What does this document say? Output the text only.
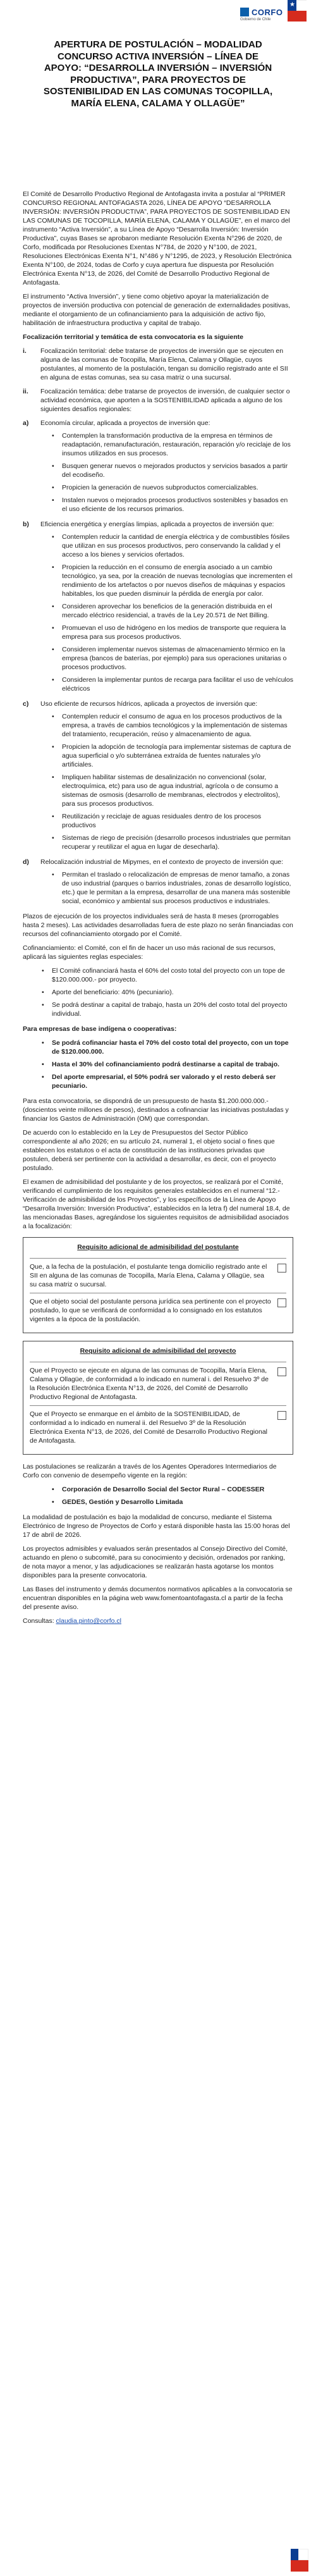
CORFO
Gobierno de Chile
★
APERTURA DE POSTULACIÓN – MODALIDAD CONCURSO ACTIVA INVERSIÓN – LÍNEA DE APOYO: “DESARROLLA INVERSIÓN – INVERSIÓN PRODUCTIVA”, PARA PROYECTOS DE SOSTENIBILIDAD EN LAS COMUNAS TOCOPILLA, MARÍA ELENA, CALAMA Y OLLAGÜE”

El Comité de Desarrollo Productivo Regional de Antofagasta invita a postular al “PRIMER CONCURSO REGIONAL ANTOFAGASTA 2026, LÍNEA DE APOYO “DESARROLLA INVERSIÓN: INVERSIÓN PRODUCTIVA”, PARA PROYECTOS DE SOSTENIBILIDAD EN LAS COMUNAS DE TOCOPILLA, MARÍA ELENA, CALAMA Y OLLAGÜE”, en el marco del instrumento “Activa Inversión”, a su Línea de Apoyo “Desarrolla Inversión: Inversión Productiva”, cuyas Bases se aprobaron mediante Resolución Exenta N°296 de 2020, de Corfo, modificada por Resoluciones Exentas N°784, de 2020 y N°100, de 2021, Resoluciones Electrónicas Exenta N°1, N°486 y N°1295, de 2023, y Resolución Electrónica Exenta N°100, de 2024, todas de Corfo y cuya apertura fue dispuesta por Resolución Electrónica Exenta N°13, de 2026, del Comité de Desarrollo Productivo Regional de Antofagasta.

El instrumento “Activa Inversión”, y tiene como objetivo apoyar la materialización de proyectos de inversión productiva con potencial de generación de externalidades positivas, mediante el otorgamiento de un cofinanciamiento para la adquisición de activo fijo, habilitación de infraestructura productiva y capital de trabajo.

Focalización territorial y temática de esta convocatoria es la siguiente

i.	Focalización territorial: debe tratarse de proyectos de inversión que se ejecuten en alguna de las comunas de Tocopilla, María Elena, Calama y Ollagüe, cuyos postulantes, al momento de la postulación, tengan su domicilio registrado ante el SII en alguna de estas comunas, sea su casa matriz o una sucursal.
ii.	Focalización temática: debe tratarse de proyectos de inversión, de cualquier sector o actividad económica, que aporten a la SOSTENIBILIDAD aplicada a alguno de los siguientes desafíos regionales:
a)	Economía circular, aplicada a proyectos de inversión que:
• Contemplen la transformación productiva de la empresa en términos de readaptación, remanufacturación, restauración, reparación y/o reciclaje de los insumos utilizados en sus procesos.
• Busquen generar nuevos o mejorados productos y servicios basados a partir del ecodiseño.
• Propicien la generación de nuevos subproductos comercializables.
• Instalen nuevos o mejorados procesos productivos sostenibles y basados en el uso eficiente de los recursos primarios.
b)	Eficiencia energética y energías limpias, aplicada a proyectos de inversión que:
• Contemplen reducir la cantidad de energía eléctrica y de combustibles fósiles que utilizan en sus procesos productivos, pero conservando la calidad y el acceso a los bienes y servicios ofertados.
• Propicien la reducción en el consumo de energía asociado a un cambio tecnológico, ya sea, por la creación de nuevas tecnologías que incrementen el rendimiento de los artefactos o por nuevos diseños de máquinas y espacios habitables, los que pueden disminuir la pérdida de energía por calor.
• Consideren aprovechar los beneficios de la generación distribuida en el mercado eléctrico residencial, a través de la Ley 20.571 de Net Billing.
• Promuevan el uso de hidrógeno en los medios de transporte que requiera la empresa para sus procesos productivos.
• Consideren implementar nuevos sistemas de almacenamiento térmico en la empresa (bancos de baterías, por ejemplo) para sus operaciones unitarias o procesos productivos.
• Consideren la implementar puntos de recarga para facilitar el uso de vehículos eléctricos
c)	Uso eficiente de recursos hídricos, aplicada a proyectos de inversión que:
• Contemplen reducir el consumo de agua en los procesos productivos de la empresa, a través de cambios tecnológicos y la implementación de sistemas del tratamiento, recuperación, reúso y almacenamiento de agua.
• Propicien la adopción de tecnología para implementar sistemas de captura de agua superficial o y/o subterránea extraída de fuentes naturales y/o artificiales.
• Impliquen habilitar sistemas de desalinización no convencional (solar, electroquímica, etc) para uso de agua industrial, agrícola o de consumo a sistemas de osmosis (desarrollo de membranas, electrodos y electrolitos), para sus procesos productivos.
• Reutilización y reciclaje de aguas residuales dentro de los procesos productivos
• Sistemas de riego de precisión (desarrollo procesos industriales que permitan recuperar y reutilizar el agua en lugar de desecharla).
d)	Relocalización industrial de Mipymes, en el contexto de proyecto de inversión que:
• Permitan el traslado o relocalización de empresas de menor tamaño, a zonas de uso industrial (parques o barrios industriales, zonas de desarrollo logístico, etc.) que le permitan a la empresa, desarrollar de una manera más sostenible social, económico y ambiental sus procesos productivos e industriales.

Plazos de ejecución de los proyectos individuales será de hasta 8 meses (prorrogables hasta 2 meses). Las actividades desarrolladas fuera de este plazo no serán financiadas con recursos del cofinanciamiento otorgado por el Comité.

Cofinanciamiento: el Comité, con el fin de hacer un uso más racional de sus recursos, aplicará las siguientes reglas especiales:

• El Comité cofinanciará hasta el 60% del costo total del proyecto con un tope de $120.000.000.- por proyecto.
• Aporte del beneficiario: 40% (pecuniario).
• Se podrá destinar a capital de trabajo, hasta un 20% del costo total del proyecto individual.

Para empresas de base indígena o cooperativas:

• Se podrá cofinanciar hasta el 70% del costo total del proyecto, con un tope de $120.000.000.
• Hasta el 30% del cofinanciamiento podrá destinarse a capital de trabajo.
• Del aporte empresarial, el 50% podrá ser valorado y el resto deberá ser pecuniario.

Para esta convocatoria, se dispondrá de un presupuesto de hasta $1.200.000.000.- (doscientos veinte millones de pesos), destinados a cofinanciar las iniciativas postuladas y financiar los Gastos de Administración (OM) que correspondan.

De acuerdo con lo establecido en la Ley de Presupuestos del Sector Público correspondiente al año 2026; en su artículo 24, numeral 1, el objeto social o fines que establecen los estatutos o el acta de constitución de las instituciones privadas que postulen, deberá ser pertinente con la actividad a desarrollar, es decir, con el proyecto postulado.

El examen de admisibilidad del postulante y de los proyectos, se realizará por el Comité, verificando el cumplimiento de los requisitos generales establecidos en el numeral “12.- Verificación de admisibilidad de los Proyectos”, y los específicos de la Línea de Apoyo “Desarrolla Inversión: Inversión Productiva”, establecidos en la letra f) del numeral 18.4, de las mencionadas Bases, agregándose los siguientes requisitos de admisibilidad asociados a la focalización:

Requisito adicional de admisibilidad del postulante
Que, a la fecha de la postulación, el postulante tenga domicilio registrado ante el SII en alguna de las comunas de Tocopilla, María Elena, Calama y Ollagüe, sea su casa matriz o sucursal.
Que el objeto social del postulante persona jurídica sea pertinente con el proyecto postulado, lo que se verificará de conformidad a lo consignado en los estatutos vigentes a la época de la postulación.
Requisito adicional de admisibilidad del proyecto
Que el Proyecto se ejecute en alguna de las comunas de Tocopilla, María Elena, Calama y Ollagüe, de conformidad a lo indicado en numeral i. del Resuelvo 3º de la Resolución Electrónica Exenta N°13, de 2026, del Comité de Desarrollo Productivo Regional de Antofagasta.
Que el Proyecto se enmarque en el ámbito de la SOSTENIBILIDAD, de conformidad a lo indicado en numeral ii. del Resuelvo 3º de la Resolución Electrónica Exenta N°13, de 2026, del Comité de Desarrollo Productivo Regional de Antofagasta.

Las postulaciones se realizarán a través de los Agentes Operadores Intermediarios de Corfo con convenio de desempeño vigente en la región:

• Corporación de Desarrollo Social del Sector Rural – CODESSER
• GEDES, Gestión y Desarrollo Limitada

La modalidad de postulación es bajo la modalidad de concurso, mediante el Sistema Electrónico de Ingreso de Proyectos de Corfo y estará disponible hasta las 15:00 horas del 17 de abril de 2026.

Los proyectos admisibles y evaluados serán presentados al Consejo Directivo del Comité, actuando en pleno o subcomité, para su conocimiento y decisión, ordenados por ranking, de nota mayor a menor, y las adjudicaciones se realizarán hasta agotarse los montos disponibles para la presente convocatoria.

Las Bases del instrumento y demás documentos normativos aplicables a la convocatoria se encuentran disponibles en la página web www.fomentoantofagasta.cl a partir de la fecha del presente aviso.

Consultas: claudia.pinto@corfo.cl
